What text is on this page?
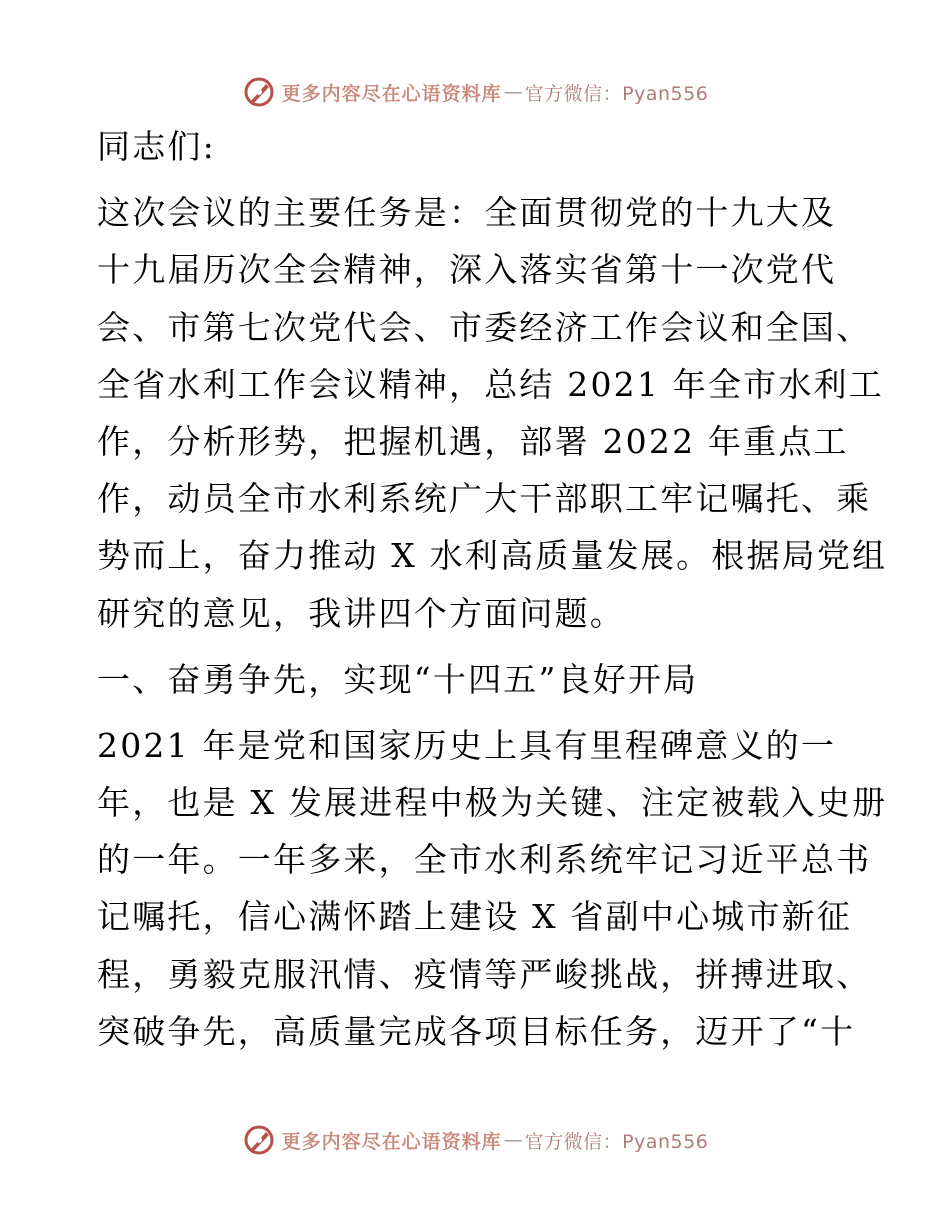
更多内容尽在心语资料库 — 官方微信：Pyan556
同志们:
这次会议的主要任务是：全面贯彻党的十九大及
十九届历次全会精神，深入落实省第十一次党代
会、市第七次党代会、市委经济工作会议和全国、
全省水利工作会议精神，总结 2021 年全市水利工
作，分析形势，把握机遇，部署 2022 年重点工
作，动员全市水利系统广大干部职工牢记嘱托、乘
势而上，奋力推动 X 水利高质量发展。根据局党组
研究的意见，我讲四个方面问题。
一、奋勇争先，实现“十四五”良好开局
2021 年是党和国家历史上具有里程碑意义的一
年，也是 X 发展进程中极为关键、注定被载入史册
的一年。一年多来，全市水利系统牢记习近平总书
记嘱托，信心满怀踏上建设 X 省副中心城市新征
程，勇毅克服汛情、疫情等严峻挑战，拼搏进取、
突破争先，高质量完成各项目标任务，迈开了“十
更多内容尽在心语资料库 — 官方微信：Pyan556
